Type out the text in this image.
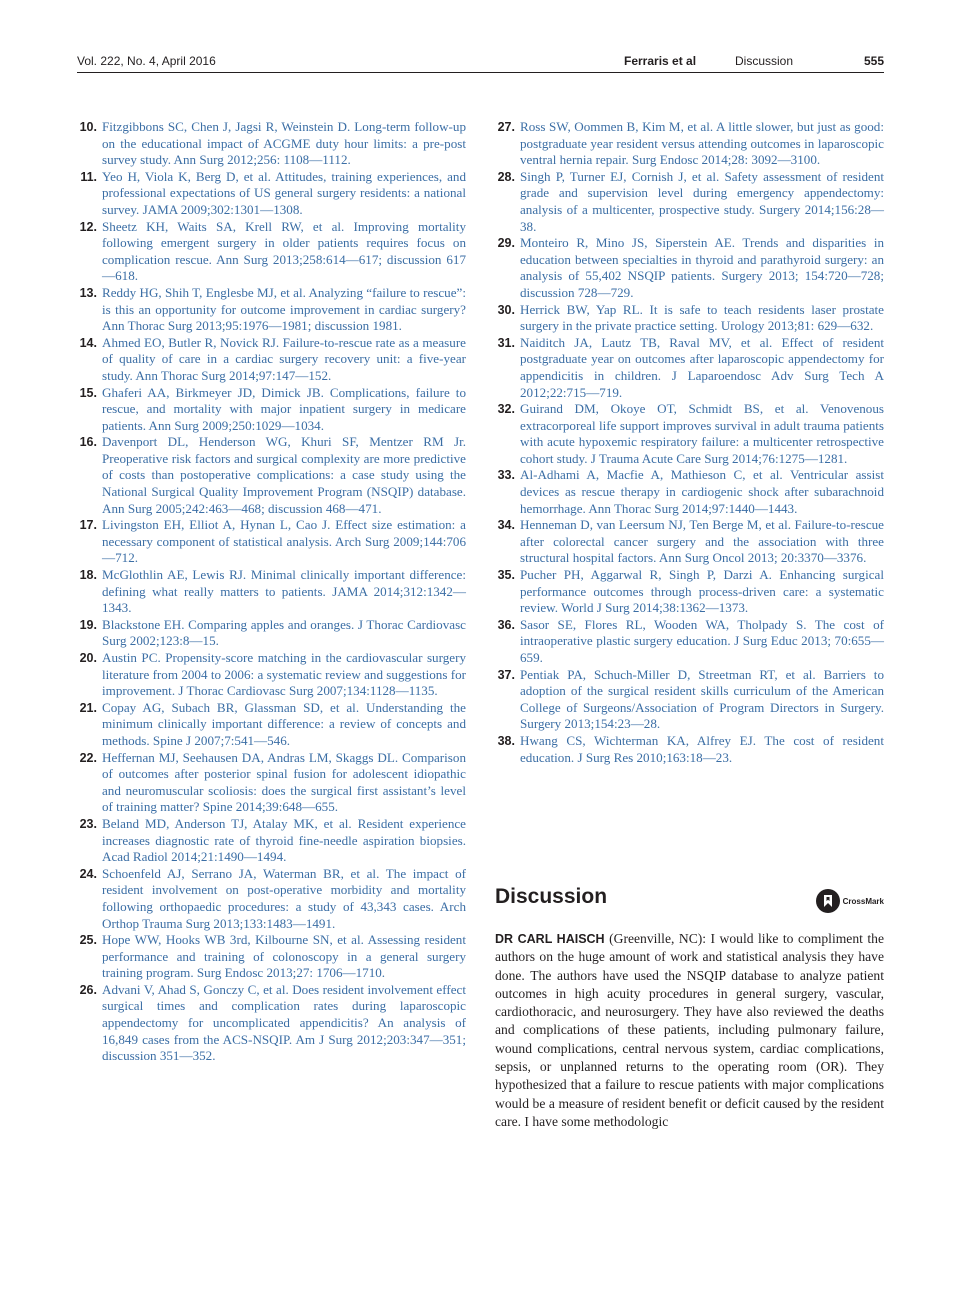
Vol. 222, No. 4, April 2016	Ferraris et al	Discussion	555
10. Fitzgibbons SC, Chen J, Jagsi R, Weinstein D. Long-term follow-up on the educational impact of ACGME duty hour limits: a pre-post survey study. Ann Surg 2012;256: 1108—1112.
11. Yeo H, Viola K, Berg D, et al. Attitudes, training experiences, and professional expectations of US general surgery residents: a national survey. JAMA 2009;302:1301—1308.
12. Sheetz KH, Waits SA, Krell RW, et al. Improving mortality following emergent surgery in older patients requires focus on complication rescue. Ann Surg 2013;258:614—617; discussion 617—618.
13. Reddy HG, Shih T, Englesbe MJ, et al. Analyzing “failure to rescue”: is this an opportunity for outcome improvement in cardiac surgery? Ann Thorac Surg 2013;95:1976—1981; discussion 1981.
14. Ahmed EO, Butler R, Novick RJ. Failure-to-rescue rate as a measure of quality of care in a cardiac surgery recovery unit: a five-year study. Ann Thorac Surg 2014;97:147—152.
15. Ghaferi AA, Birkmeyer JD, Dimick JB. Complications, failure to rescue, and mortality with major inpatient surgery in medicare patients. Ann Surg 2009;250:1029—1034.
16. Davenport DL, Henderson WG, Khuri SF, Mentzer RM Jr. Preoperative risk factors and surgical complexity are more predictive of costs than postoperative complications: a case study using the National Surgical Quality Improvement Program (NSQIP) database. Ann Surg 2005;242:463—468; discussion 468—471.
17. Livingston EH, Elliot A, Hynan L, Cao J. Effect size estimation: a necessary component of statistical analysis. Arch Surg 2009;144:706—712.
18. McGlothlin AE, Lewis RJ. Minimal clinically important difference: defining what really matters to patients. JAMA 2014;312:1342—1343.
19. Blackstone EH. Comparing apples and oranges. J Thorac Cardiovasc Surg 2002;123:8—15.
20. Austin PC. Propensity-score matching in the cardiovascular surgery literature from 2004 to 2006: a systematic review and suggestions for improvement. J Thorac Cardiovasc Surg 2007;134:1128—1135.
21. Copay AG, Subach BR, Glassman SD, et al. Understanding the minimum clinically important difference: a review of concepts and methods. Spine J 2007;7:541—546.
22. Heffernan MJ, Seehausen DA, Andras LM, Skaggs DL. Comparison of outcomes after posterior spinal fusion for adolescent idiopathic and neuromuscular scoliosis: does the surgical first assistant’s level of training matter? Spine 2014;39:648—655.
23. Beland MD, Anderson TJ, Atalay MK, et al. Resident experience increases diagnostic rate of thyroid fine-needle aspiration biopsies. Acad Radiol 2014;21:1490—1494.
24. Schoenfeld AJ, Serrano JA, Waterman BR, et al. The impact of resident involvement on post-operative morbidity and mortality following orthopaedic procedures: a study of 43,343 cases. Arch Orthop Trauma Surg 2013;133:1483—1491.
25. Hope WW, Hooks WB 3rd, Kilbourne SN, et al. Assessing resident performance and training of colonoscopy in a general surgery training program. Surg Endosc 2013;27: 1706—1710.
26. Advani V, Ahad S, Gonczy C, et al. Does resident involvement effect surgical times and complication rates during laparoscopic appendectomy for uncomplicated appendicitis? An analysis of 16,849 cases from the ACS-NSQIP. Am J Surg 2012;203:347—351; discussion 351—352.
27. Ross SW, Oommen B, Kim M, et al. A little slower, but just as good: postgraduate year resident versus attending outcomes in laparoscopic ventral hernia repair. Surg Endosc 2014;28: 3092—3100.
28. Singh P, Turner EJ, Cornish J, et al. Safety assessment of resident grade and supervision level during emergency appendectomy: analysis of a multicenter, prospective study. Surgery 2014;156:28—38.
29. Monteiro R, Mino JS, Siperstein AE. Trends and disparities in education between specialties in thyroid and parathyroid surgery: an analysis of 55,402 NSQIP patients. Surgery 2013; 154:720—728; discussion 728—729.
30. Herrick BW, Yap RL. It is safe to teach residents laser prostate surgery in the private practice setting. Urology 2013;81: 629—632.
31. Naiditch JA, Lautz TB, Raval MV, et al. Effect of resident postgraduate year on outcomes after laparoscopic appendectomy for appendicitis in children. J Laparoendosc Adv Surg Tech A 2012;22:715—719.
32. Guirand DM, Okoye OT, Schmidt BS, et al. Venovenous extracorporeal life support improves survival in adult trauma patients with acute hypoxemic respiratory failure: a multicenter retrospective cohort study. J Trauma Acute Care Surg 2014;76:1275—1281.
33. Al-Adhami A, Macfie A, Mathieson C, et al. Ventricular assist devices as rescue therapy in cardiogenic shock after subarachnoid hemorrhage. Ann Thorac Surg 2014;97:1440—1443.
34. Henneman D, van Leersum NJ, Ten Berge M, et al. Failure-to-rescue after colorectal cancer surgery and the association with three structural hospital factors. Ann Surg Oncol 2013; 20:3370—3376.
35. Pucher PH, Aggarwal R, Singh P, Darzi A. Enhancing surgical performance outcomes through process-driven care: a systematic review. World J Surg 2014;38:1362—1373.
36. Sasor SE, Flores RL, Wooden WA, Tholpady S. The cost of intraoperative plastic surgery education. J Surg Educ 2013; 70:655—659.
37. Pentiak PA, Schuch-Miller D, Streetman RT, et al. Barriers to adoption of the surgical resident skills curriculum of the American College of Surgeons/Association of Program Directors in Surgery. Surgery 2013;154:23—28.
38. Hwang CS, Wichterman KA, Alfrey EJ. The cost of resident education. J Surg Res 2010;163:18—23.
Discussion	CrossMark

DR CARL HAISCH (Greenville, NC): I would like to compliment the authors on the huge amount of work and statistical analysis they have done. The authors have used the NSQIP database to analyze patient outcomes in high acuity procedures in general surgery, vascular, cardiothoracic, and neurosurgery. They have also reviewed the deaths and complications of these patients, including pulmonary failure, wound complications, central nervous system, cardiac complications, sepsis, or unplanned returns to the operating room (OR). They hypothesized that a failure to rescue patients with major complications would be a measure of resident benefit or deficit caused by the resident care. I have some methodologic
